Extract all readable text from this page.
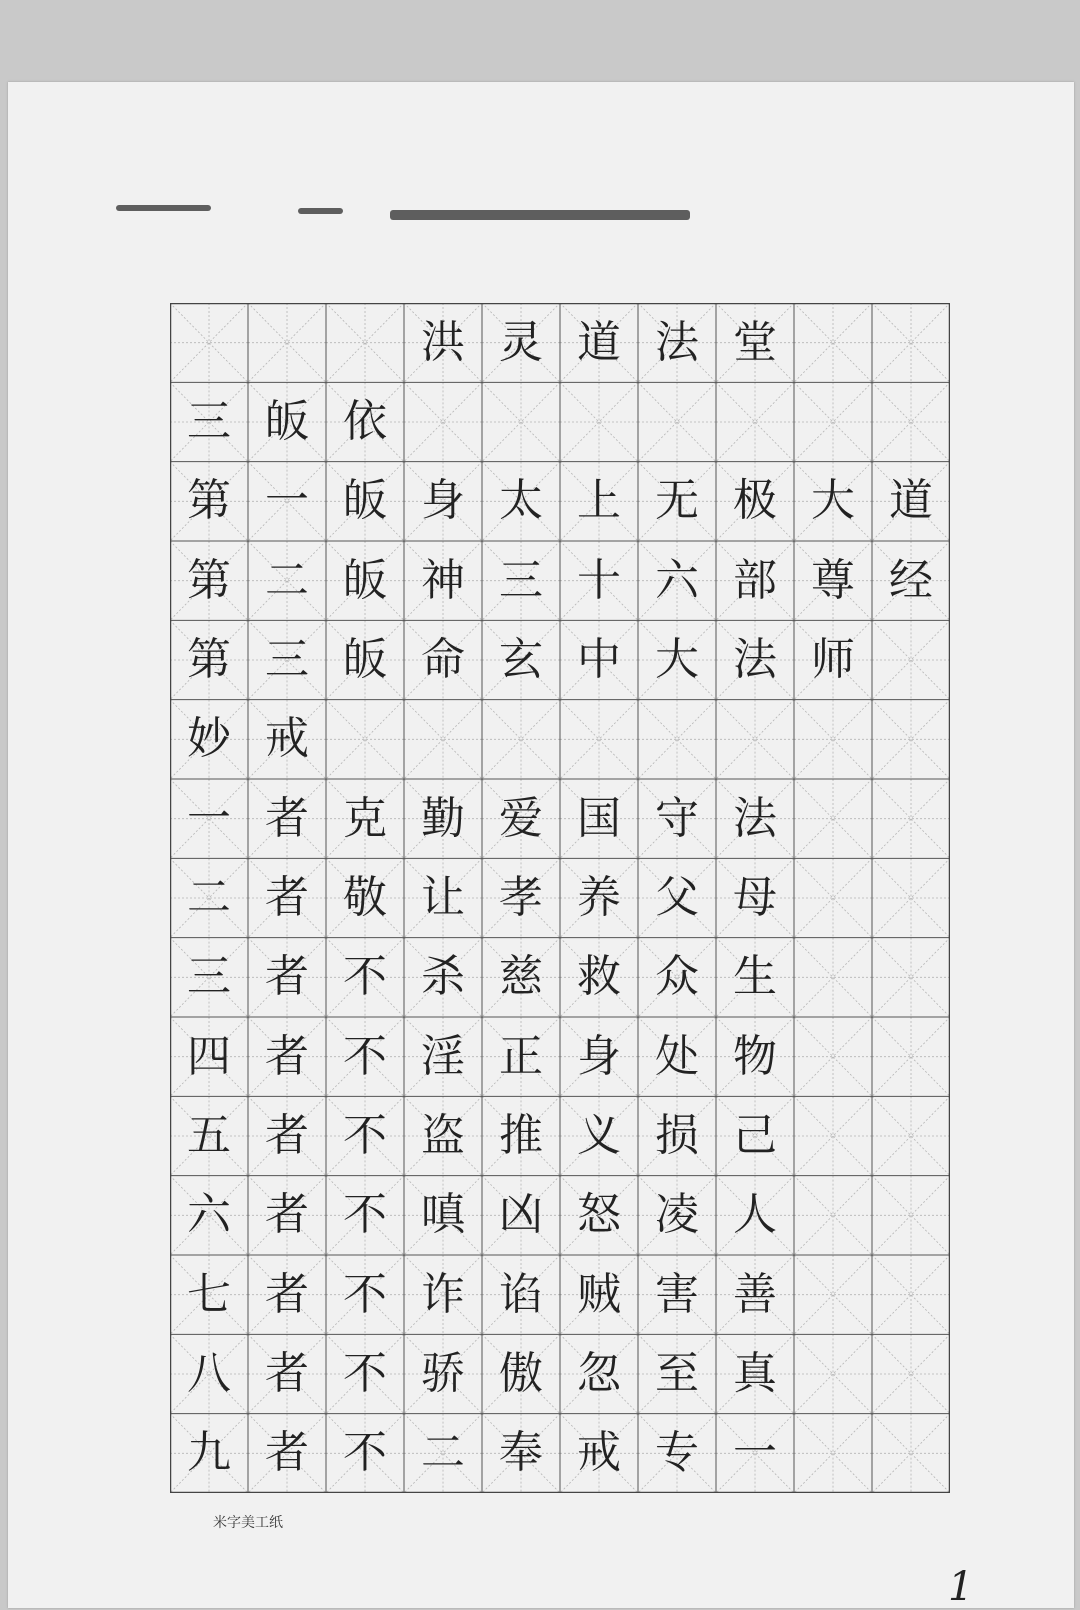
洪 灵 道 法 堂
三 皈 依
第 一 皈 身 太 上 无 极 大 道
第 二 皈 神 三 十 六 部 尊 经
第 三 皈 命 玄 中 大 法 师
妙 戒
一 者 克 勤 爱 国 守 法
二 者 敬 让 孝 养 父 母
三 者 不 杀 慈 救 众 生
四 者 不 淫 正 身 处 物
五 者 不 盗 推 义 损 己
六 者 不 嗔 凶 怒 凌 人
七 者 不 诈 谄 贼 害 善
八 者 不 骄 傲 忽 至 真
九 者 不 二 奉 戒 专 一
米字美工纸
1
